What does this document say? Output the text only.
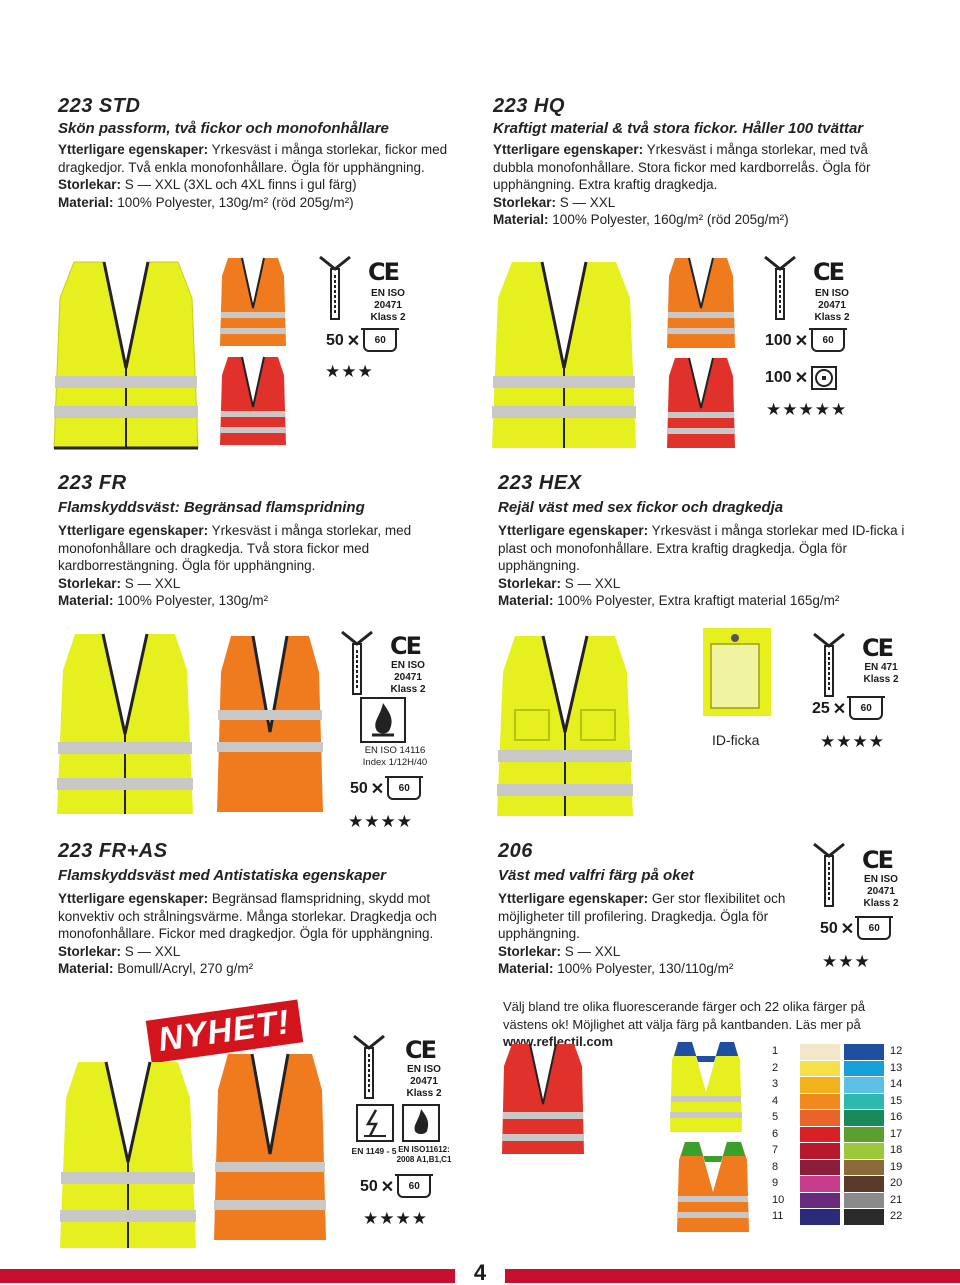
4
223 STD
Skön passform, två fickor och monofonhållare
Ytterligare egenskaper: Yrkesväst i många storlekar, fickor med dragkedjor. Två enkla monofonhållare. Ögla för upphängning.
Storlekar: S — XXL (3XL och 4XL finns i gul färg)
Material: 100% Polyester, 130g/m² (röd 205g/m²)
CE
EN ISO 20471 Klass 2
50 ✕ 60
★★★
223 HQ
Kraftigt material & två stora fickor. Håller 100 tvättar
Ytterligare egenskaper: Yrkesväst i många storlekar, med två dubbla monofonhållare. Stora fickor med kardborrelås. Ögla för upphängning. Extra kraftig dragkedja.
Storlekar: S — XXL
Material: 100% Polyester, 160g/m² (röd 205g/m²)
CE
EN ISO 20471 Klass 2
100 ✕ 60
100 ✕
★★★★★
223 FR
Flamskyddsväst: Begränsad flamspridning
Ytterligare egenskaper: Yrkesväst i många storlekar, med monofonhållare och dragkedja. Två stora fickor med kardborrestängning. Ögla för upphängning.
Storlekar: S — XXL
Material: 100% Polyester, 130g/m²
CE
EN ISO 20471 Klass 2
EN ISO 14116 Index 1/12H/40
50 ✕ 60
★★★★
223 HEX
Rejäl väst med sex fickor och dragkedja
Ytterligare egenskaper: Yrkesväst i många storlekar med ID-ficka i plast och monofonhållare. Extra kraftig dragkedja. Ögla för upphängning.
Storlekar: S — XXL
Material: 100% Polyester, Extra kraftigt material 165g/m²
ID-ficka
CE
EN 471 Klass 2
25 ✕ 60
★★★★
223 FR+AS
Flamskyddsväst med Antistatiska egenskaper
Ytterligare egenskaper: Begränsad flamspridning, skydd mot konvektiv och strålningsvärme. Många storlekar. Dragkedja och monofonhållare. Fickor med dragkedjor. Ögla för upphängning.
Storlekar: S — XXL
Material: Bomull/Acryl, 270 g/m²
NYHET!	CE
EN ISO 20471 Klass 2
EN 1149 - 5 EN ISO11612: 2008 A1,B1,C1
50 ✕ 60
★★★★
206
Väst med valfri färg på oket
Ytterligare egenskaper: Ger stor flexibilitet och möjligheter till profilering. Dragkedja. Ögla för upphängning.
Storlekar: S — XXL
Material: 100% Polyester, 130/110g/m²
CE
EN ISO 20471 Klass 2
50 ✕ 60
★★★
Välj bland tre olika fluorescerande färger och 22 olika färger på västens ok! Möjlighet att välja färg på kantbanden. Läs mer på www.reflectil.com
1
2
3
4
5
6
7
8
9
10
11
12
13
14
15
16
17
18
19
20
21
22
